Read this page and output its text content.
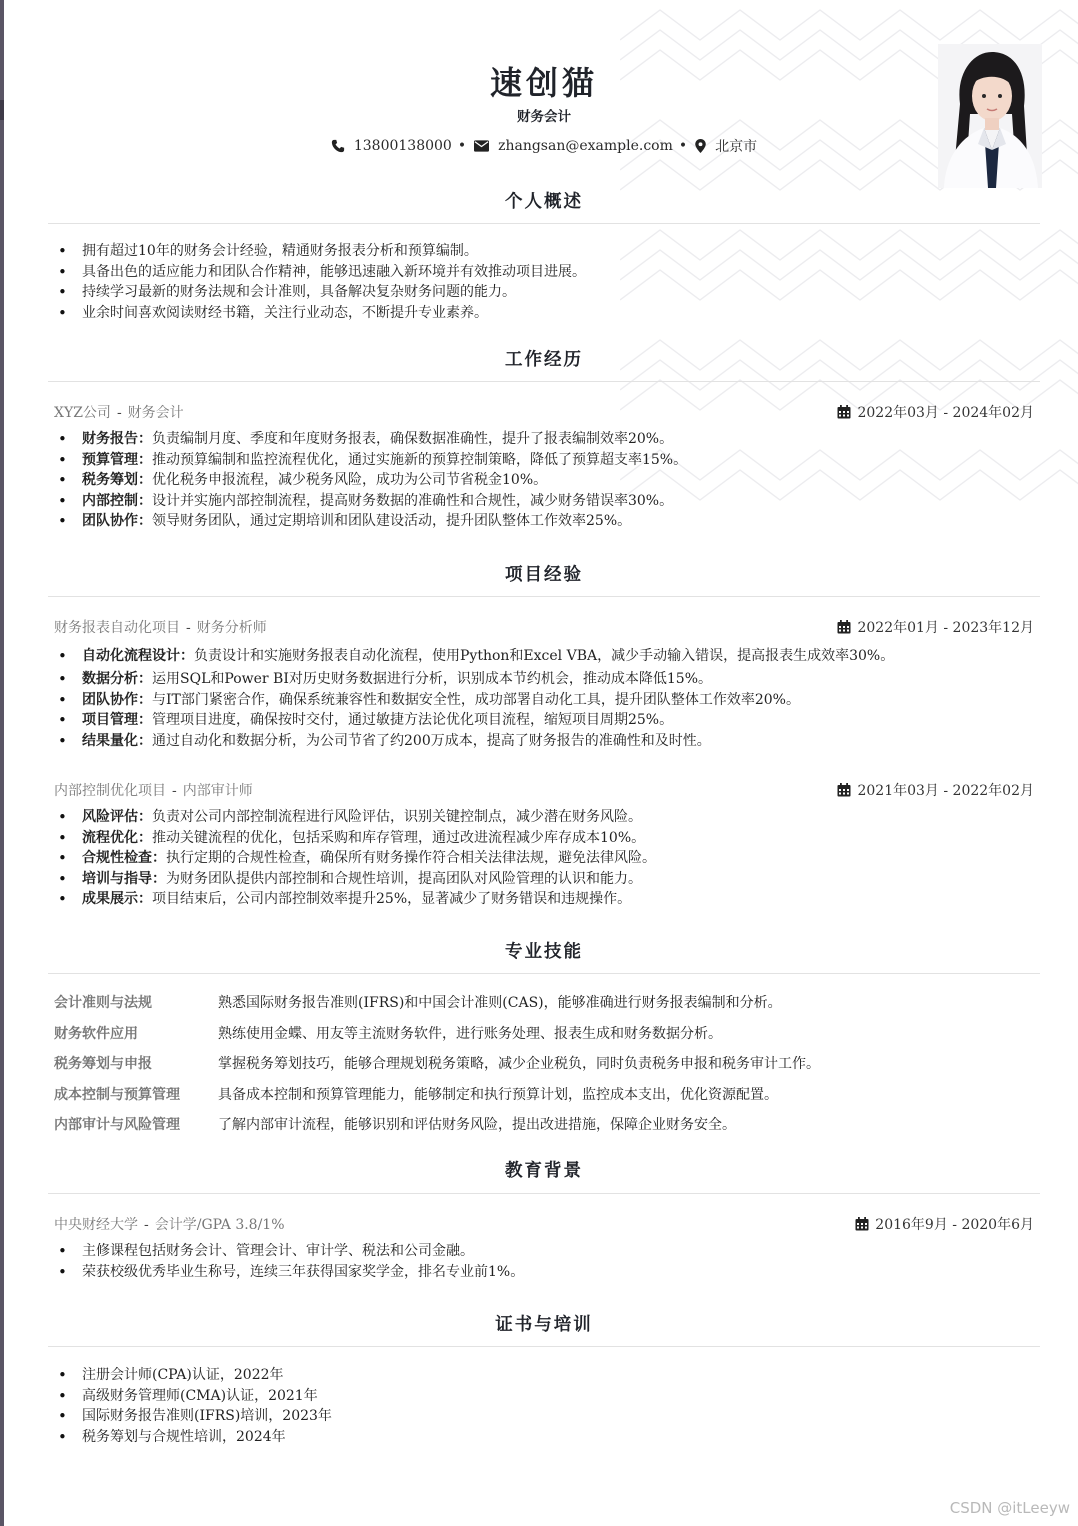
速创猫
财务会计
13800138000 • zhangsan@example.com • 北京市
个人概述
• 拥有超过10年的财务会计经验，精通财务报表分析和预算编制。
• 具备出色的适应能力和团队合作精神，能够迅速融入新环境并有效推动项目进展。
• 持续学习最新的财务法规和会计准则，具备解决复杂财务问题的能力。
• 业余时间喜欢阅读财经书籍，关注行业动态，不断提升专业素养。
工作经历
XYZ公司 - 财务会计	2022年03月 - 2024年02月
• 财务报告：负责编制月度、季度和年度财务报表，确保数据准确性，提升了报表编制效率20%。
• 预算管理：推动预算编制和监控流程优化，通过实施新的预算控制策略，降低了预算超支率15%。
• 税务筹划：优化税务申报流程，减少税务风险，成功为公司节省税金10%。
• 内部控制：设计并实施内部控制流程，提高财务数据的准确性和合规性，减少财务错误率30%。
• 团队协作：领导财务团队，通过定期培训和团队建设活动，提升团队整体工作效率25%。
项目经验
财务报表自动化项目 - 财务分析师	2022年01月 - 2023年12月
• 自动化流程设计：负责设计和实施财务报表自动化流程，使用Python和Excel VBA，减少手动输入错误，提高报表生成效率30%。
• 数据分析：运用SQL和Power BI对历史财务数据进行分析，识别成本节约机会，推动成本降低15%。
• 团队协作：与IT部门紧密合作，确保系统兼容性和数据安全性，成功部署自动化工具，提升团队整体工作效率20%。
• 项目管理：管理项目进度，确保按时交付，通过敏捷方法论优化项目流程，缩短项目周期25%。
• 结果量化：通过自动化和数据分析，为公司节省了约200万成本，提高了财务报告的准确性和及时性。
内部控制优化项目 - 内部审计师	2021年03月 - 2022年02月
• 风险评估：负责对公司内部控制流程进行风险评估，识别关键控制点，减少潜在财务风险。
• 流程优化：推动关键流程的优化，包括采购和库存管理，通过改进流程减少库存成本10%。
• 合规性检查：执行定期的合规性检查，确保所有财务操作符合相关法律法规，避免法律风险。
• 培训与指导：为财务团队提供内部控制和合规性培训，提高团队对风险管理的认识和能力。
• 成果展示：项目结束后，公司内部控制效率提升25%，显著减少了财务错误和违规操作。
专业技能
会计准则与法规	熟悉国际财务报告准则(IFRS)和中国会计准则(CAS)，能够准确进行财务报表编制和分析。
财务软件应用	熟练使用金蝶、用友等主流财务软件，进行账务处理、报表生成和财务数据分析。
税务筹划与申报	掌握税务筹划技巧，能够合理规划税务策略，减少企业税负，同时负责税务申报和税务审计工作。
成本控制与预算管理	具备成本控制和预算管理能力，能够制定和执行预算计划，监控成本支出，优化资源配置。
内部审计与风险管理	了解内部审计流程，能够识别和评估财务风险，提出改进措施，保障企业财务安全。
教育背景
中央财经大学 - 会计学/GPA 3.8/1%	2016年9月 - 2020年6月
• 主修课程包括财务会计、管理会计、审计学、税法和公司金融。
• 荣获校级优秀毕业生称号，连续三年获得国家奖学金，排名专业前1%。
证书与培训
• 注册会计师(CPA)认证，2022年
• 高级财务管理师(CMA)认证，2021年
• 国际财务报告准则(IFRS)培训，2023年
• 税务筹划与合规性培训，2024年
CSDN @itLeeyw
